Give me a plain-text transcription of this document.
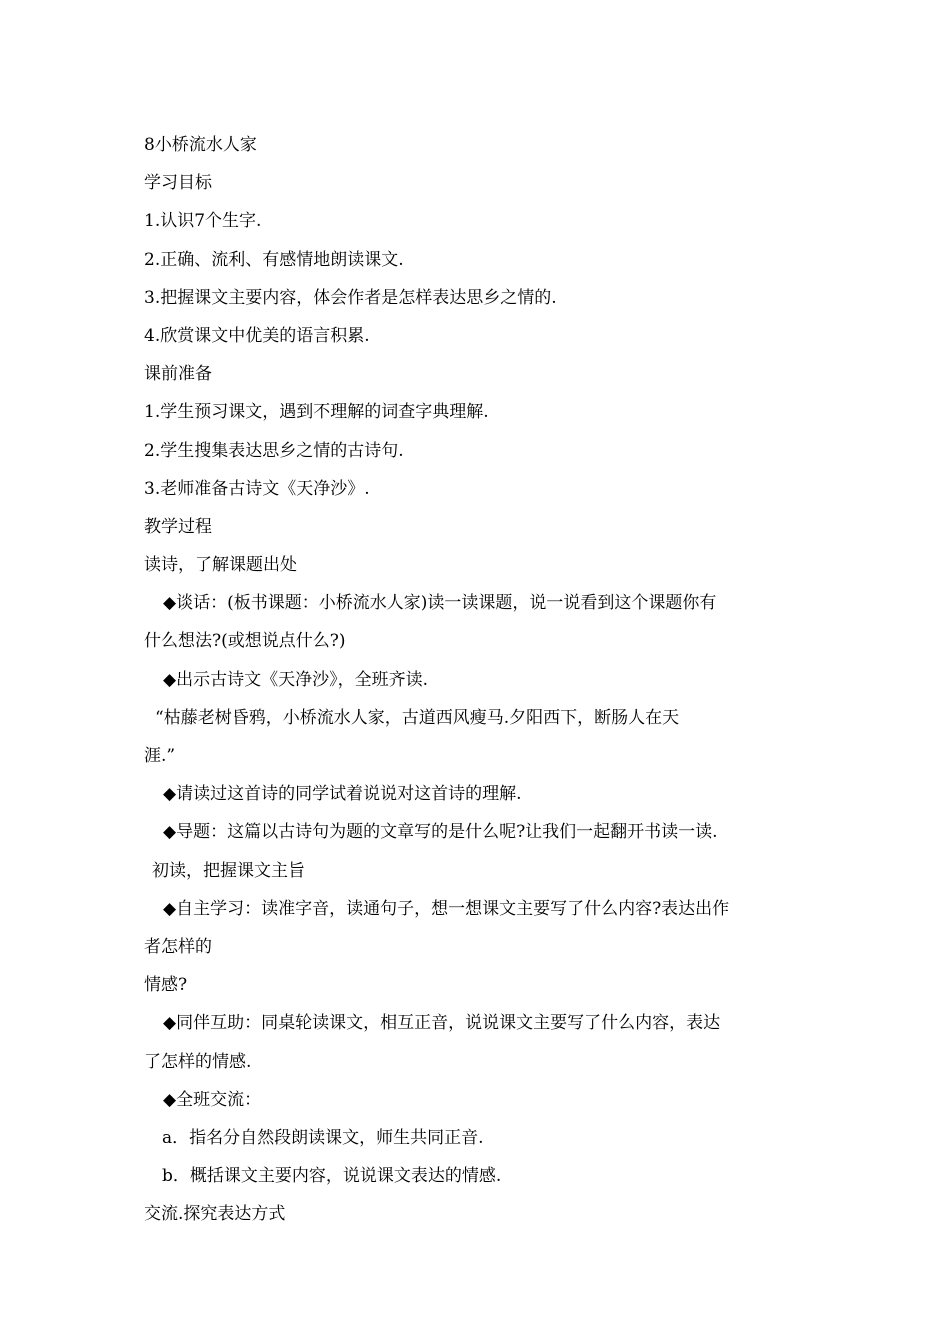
8小桥流水人家
学习目标
1.认识7个生字.
2.正确、流利、有感情地朗读课文.
3.把握课文主要内容，体会作者是怎样表达思乡之情的.
4.欣赏课文中优美的语言积累.
课前准备
1.学生预习课文，遇到不理解的词查字典理解.
2.学生搜集表达思乡之情的古诗句.
3.老师准备古诗文《天净沙》.
教学过程
读诗，了解课题出处
◆谈话：(板书课题：小桥流水人家)读一读课题，说一说看到这个课题你有
什么想法?(或想说点什么?)
◆出示古诗文《天净沙》，全班齐读.
“枯藤老树昏鸦，小桥流水人家，古道西风瘦马.夕阳西下，断肠人在天
涯.”
◆请读过这首诗的同学试着说说对这首诗的理解.
◆导题：这篇以古诗句为题的文章写的是什么呢?让我们一起翻开书读一读.
初读，把握课文主旨
◆自主学习：读准字音，读通句子，想一想课文主要写了什么内容?表达出作
者怎样的
情感?
◆同伴互助：同桌轮读课文，相互正音，说说课文主要写了什么内容，表达
了怎样的情感.
◆全班交流：
a．指名分自然段朗读课文，师生共同正音.
b．概括课文主要内容，说说课文表达的情感.
交流.探究表达方式
